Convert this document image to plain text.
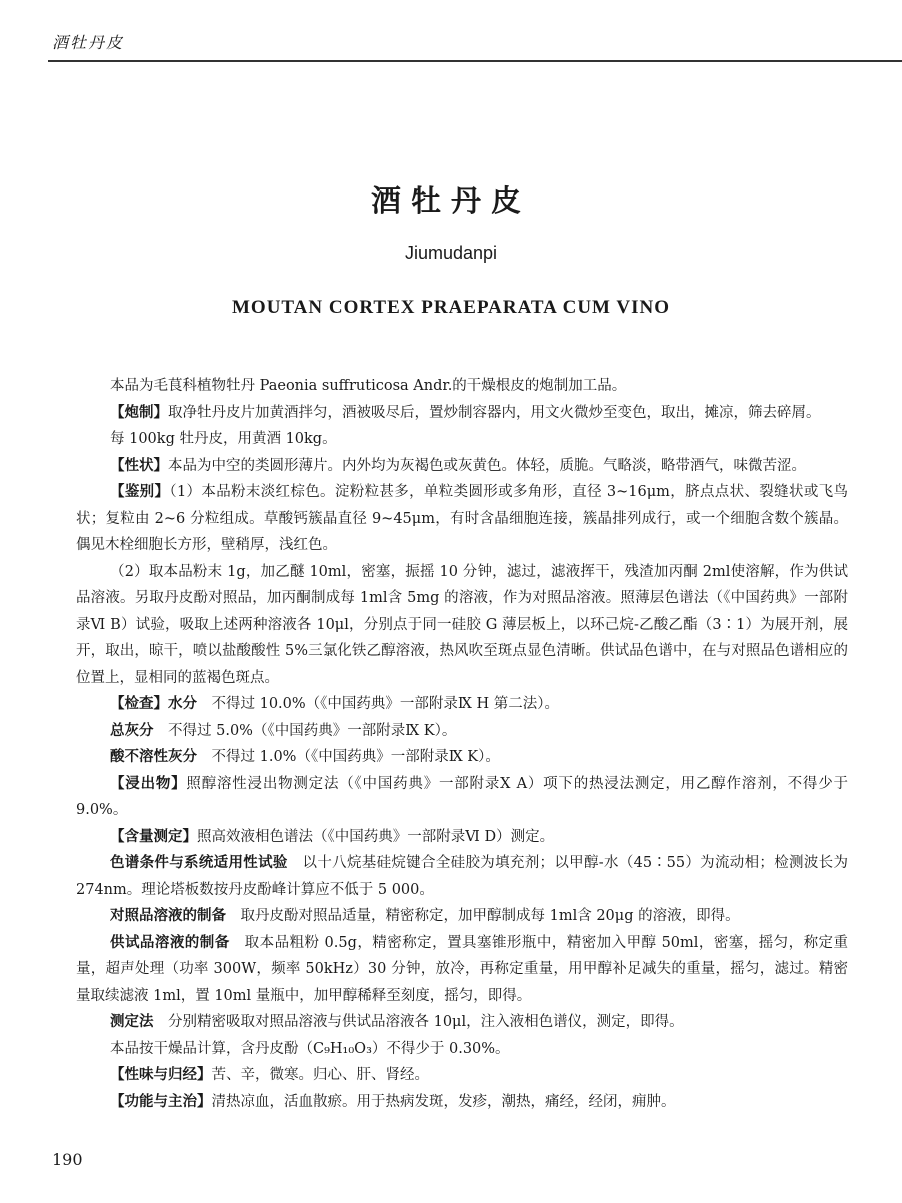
酒牡丹皮
酒牡丹皮
Jiumudanpi
MOUTAN CORTEX PRAEPARATA CUM VINO

本品为毛茛科植物牡丹 Paeonia suffruticosa Andr.的干燥根皮的炮制加工品。

【炮制】取净牡丹皮片加黄酒拌匀，酒被吸尽后，置炒制容器内，用文火微炒至变色，取出，摊凉，筛去碎屑。

每 100kg 牡丹皮，用黄酒 10kg。

【性状】本品为中空的类圆形薄片。内外均为灰褐色或灰黄色。体轻，质脆。气略淡，略带酒气，味微苦涩。

【鉴别】（1）本品粉末淡红棕色。淀粉粒甚多，单粒类圆形或多角形，直径 3~16μm，脐点点状、裂缝状或飞鸟状；复粒由 2~6 分粒组成。草酸钙簇晶直径 9~45μm，有时含晶细胞连接，簇晶排列成行，或一个细胞含数个簇晶。偶见木栓细胞长方形，壁稍厚，浅红色。

（2）取本品粉末 1g，加乙醚 10ml，密塞，振摇 10 分钟，滤过，滤液挥干，残渣加丙酮 2ml使溶解，作为供试品溶液。另取丹皮酚对照品，加丙酮制成每 1ml含 5mg 的溶液，作为对照品溶液。照薄层色谱法（《中国药典》一部附录Ⅵ B）试验，吸取上述两种溶液各 10μl，分别点于同一硅胶 G 薄层板上，以环己烷-乙酸乙酯（3∶1）为展开剂，展开，取出，晾干，喷以盐酸酸性 5%三氯化铁乙醇溶液，热风吹至斑点显色清晰。供试品色谱中，在与对照品色谱相应的位置上，显相同的蓝褐色斑点。

【检查】水分　不得过 10.0%（《中国药典》一部附录Ⅸ H 第二法）。

总灰分　不得过 5.0%（《中国药典》一部附录Ⅸ K）。

酸不溶性灰分　不得过 1.0%（《中国药典》一部附录Ⅸ K）。

【浸出物】照醇溶性浸出物测定法（《中国药典》一部附录Ⅹ A）项下的热浸法测定，用乙醇作溶剂，不得少于 9.0%。

【含量测定】照高效液相色谱法（《中国药典》一部附录Ⅵ D）测定。

色谱条件与系统适用性试验　以十八烷基硅烷键合全硅胶为填充剂；以甲醇-水（45∶55）为流动相；检测波长为 274nm。理论塔板数按丹皮酚峰计算应不低于 5 000。

对照品溶液的制备　取丹皮酚对照品适量，精密称定，加甲醇制成每 1ml含 20μg 的溶液，即得。

供试品溶液的制备　取本品粗粉 0.5g，精密称定，置具塞锥形瓶中，精密加入甲醇 50ml，密塞，摇匀，称定重量，超声处理（功率 300W，频率 50kHz）30 分钟，放冷，再称定重量，用甲醇补足减失的重量，摇匀，滤过。精密量取续滤液 1ml，置 10ml 量瓶中，加甲醇稀释至刻度，摇匀，即得。

测定法　分别精密吸取对照品溶液与供试品溶液各 10μl，注入液相色谱仪，测定，即得。

本品按干燥品计算，含丹皮酚（C₉H₁₀O₃）不得少于 0.30%。

【性味与归经】苦、辛，微寒。归心、肝、肾经。

【功能与主治】清热凉血，活血散瘀。用于热病发斑，发疹，潮热，痛经，经闭，痈肿。

190
